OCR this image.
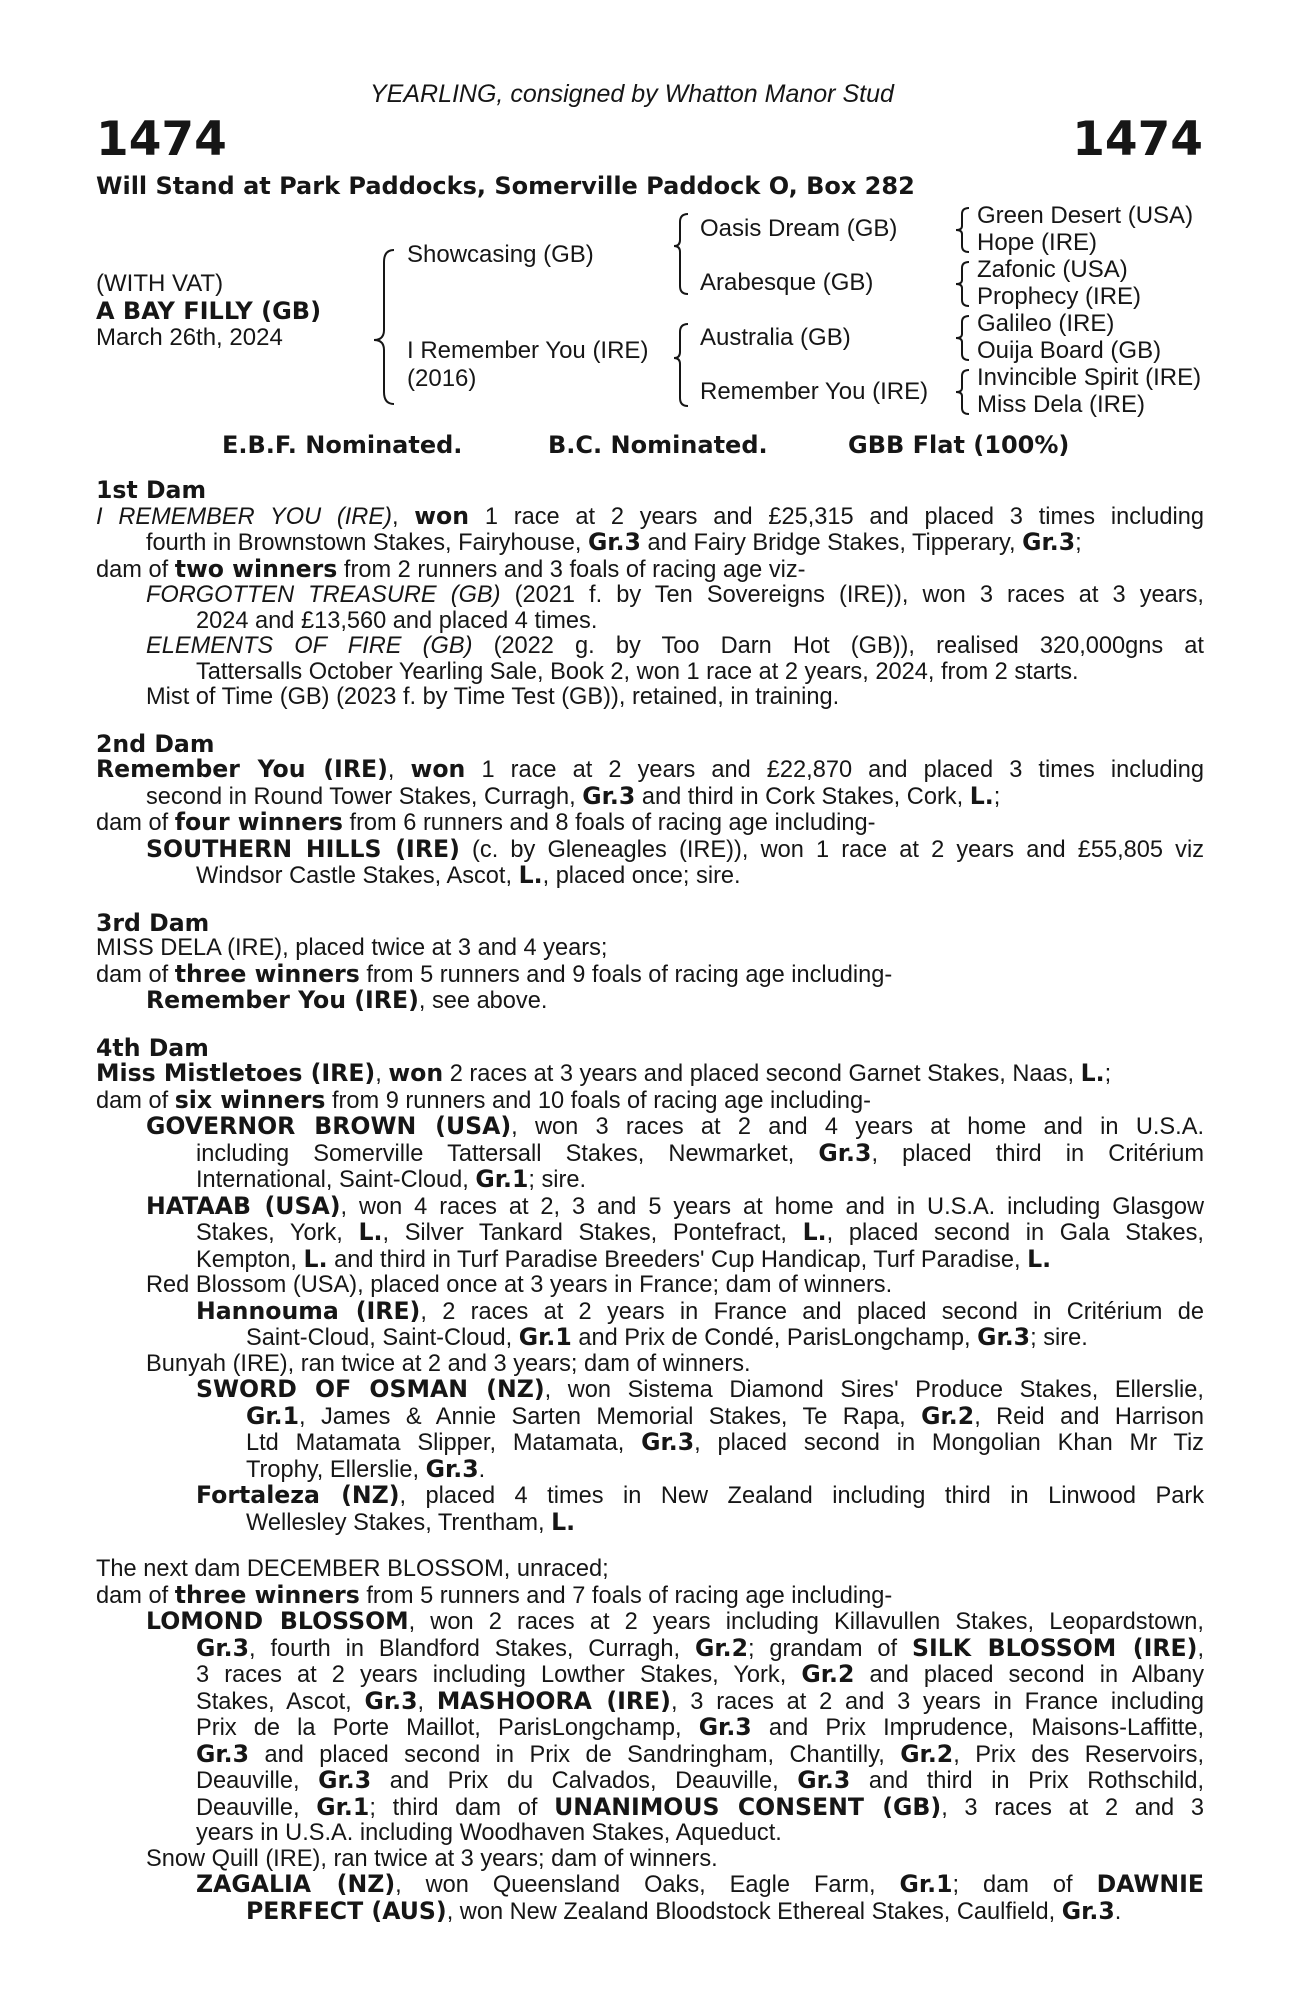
YEARLING, consigned by Whatton Manor Stud
1474	1474
Will Stand at Park Paddocks, Somerville Paddock O, Box 282
(WITH VAT)
A BAY FILLY (GB)
March 26th, 2024
Showcasing (GB)
I Remember You (IRE)
(2016)
Oasis Dream (GB)
Arabesque (GB)
Australia (GB)
Remember You (IRE)
Green Desert (USA)
Hope (IRE)
Zafonic (USA)
Prophecy (IRE)
Galileo (IRE)
Ouija Board (GB)
Invincible Spirit (IRE)
Miss Dela (IRE)
E.B.F. Nominated.	B.C. Nominated.	GBB Flat (100%)
1st Dam
I REMEMBER YOU (IRE), won 1 race at 2 years and £25,315 and placed 3 times including
fourth in Brownstown Stakes, Fairyhouse, Gr.3 and Fairy Bridge Stakes, Tipperary, Gr.3;
dam of two winners from 2 runners and 3 foals of racing age viz-
FORGOTTEN TREASURE (GB) (2021 f. by Ten Sovereigns (IRE)), won 3 races at 3 years,
2024 and £13,560 and placed 4 times.
ELEMENTS OF FIRE (GB) (2022 g. by Too Darn Hot (GB)), realised 320,000gns at
Tattersalls October Yearling Sale, Book 2, won 1 race at 2 years, 2024, from 2 starts.
Mist of Time (GB) (2023 f. by Time Test (GB)), retained, in training.
2nd Dam
Remember You (IRE), won 1 race at 2 years and £22,870 and placed 3 times including
second in Round Tower Stakes, Curragh, Gr.3 and third in Cork Stakes, Cork, L.;
dam of four winners from 6 runners and 8 foals of racing age including-
SOUTHERN HILLS (IRE) (c. by Gleneagles (IRE)), won 1 race at 2 years and £55,805 viz
Windsor Castle Stakes, Ascot, L., placed once; sire.
3rd Dam
MISS DELA (IRE), placed twice at 3 and 4 years;
dam of three winners from 5 runners and 9 foals of racing age including-
Remember You (IRE), see above.
4th Dam
Miss Mistletoes (IRE), won 2 races at 3 years and placed second Garnet Stakes, Naas, L.;
dam of six winners from 9 runners and 10 foals of racing age including-
GOVERNOR BROWN (USA), won 3 races at 2 and 4 years at home and in U.S.A.
including Somerville Tattersall Stakes, Newmarket, Gr.3, placed third in Critérium
International, Saint-Cloud, Gr.1; sire.
HATAAB (USA), won 4 races at 2, 3 and 5 years at home and in U.S.A. including Glasgow
Stakes, York, L., Silver Tankard Stakes, Pontefract, L., placed second in Gala Stakes,
Kempton, L. and third in Turf Paradise Breeders' Cup Handicap, Turf Paradise, L.
Red Blossom (USA), placed once at 3 years in France; dam of winners.
Hannouma (IRE), 2 races at 2 years in France and placed second in Critérium de
Saint-Cloud, Saint-Cloud, Gr.1 and Prix de Condé, ParisLongchamp, Gr.3; sire.
Bunyah (IRE), ran twice at 2 and 3 years; dam of winners.
SWORD OF OSMAN (NZ), won Sistema Diamond Sires' Produce Stakes, Ellerslie,
Gr.1, James & Annie Sarten Memorial Stakes, Te Rapa, Gr.2, Reid and Harrison
Ltd Matamata Slipper, Matamata, Gr.3, placed second in Mongolian Khan Mr Tiz
Trophy, Ellerslie, Gr.3.
Fortaleza (NZ), placed 4 times in New Zealand including third in Linwood Park
Wellesley Stakes, Trentham, L.
The next dam DECEMBER BLOSSOM, unraced;
dam of three winners from 5 runners and 7 foals of racing age including-
LOMOND BLOSSOM, won 2 races at 2 years including Killavullen Stakes, Leopardstown,
Gr.3, fourth in Blandford Stakes, Curragh, Gr.2; grandam of SILK BLOSSOM (IRE),
3 races at 2 years including Lowther Stakes, York, Gr.2 and placed second in Albany
Stakes, Ascot, Gr.3, MASHOORA (IRE), 3 races at 2 and 3 years in France including
Prix de la Porte Maillot, ParisLongchamp, Gr.3 and Prix Imprudence, Maisons-Laffitte,
Gr.3 and placed second in Prix de Sandringham, Chantilly, Gr.2, Prix des Reservoirs,
Deauville, Gr.3 and Prix du Calvados, Deauville, Gr.3 and third in Prix Rothschild,
Deauville, Gr.1; third dam of UNANIMOUS CONSENT (GB), 3 races at 2 and 3
years in U.S.A. including Woodhaven Stakes, Aqueduct.
Snow Quill (IRE), ran twice at 3 years; dam of winners.
ZAGALIA (NZ), won Queensland Oaks, Eagle Farm, Gr.1; dam of DAWNIE
PERFECT (AUS), won New Zealand Bloodstock Ethereal Stakes, Caulfield, Gr.3.
